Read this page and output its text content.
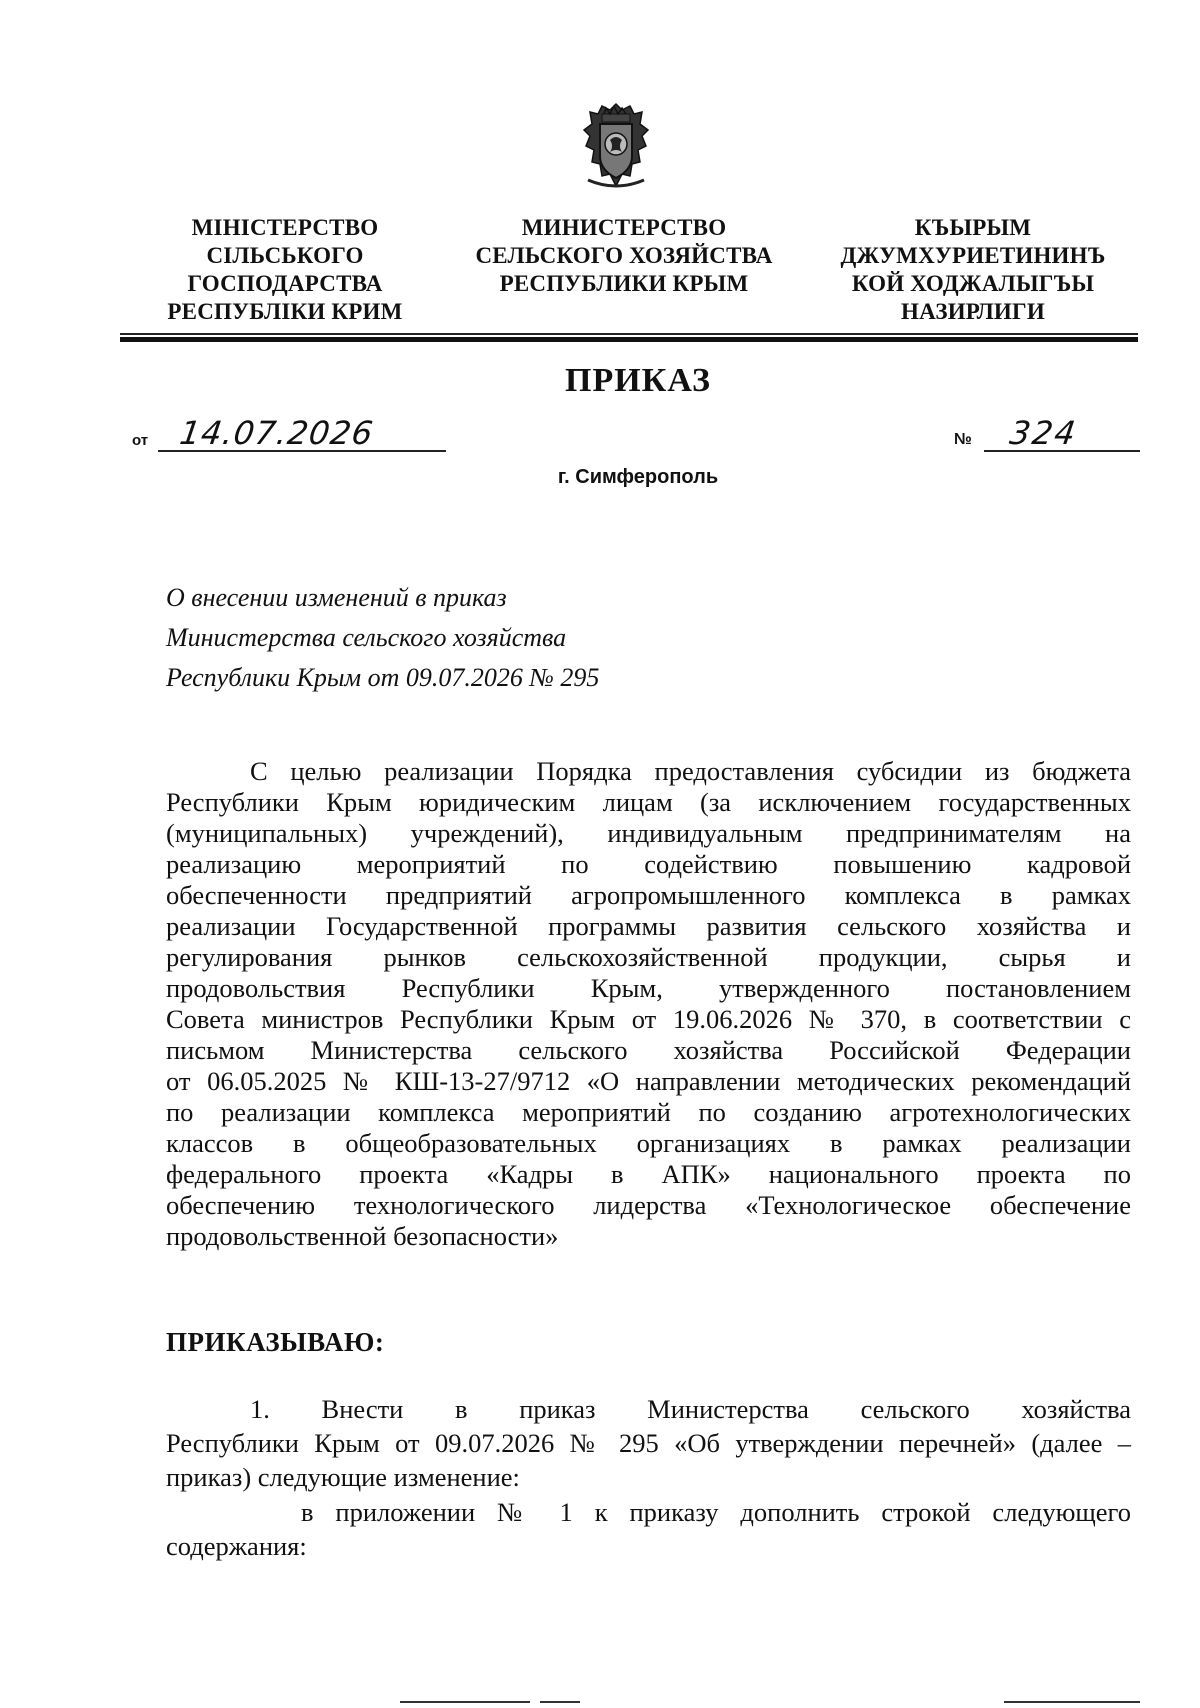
МІНІСТЕРСТВО
СІЛЬСЬКОГО
ГОСПОДАРСТВА
РЕСПУБЛІКИ КРИМ
МИНИСТЕРСТВО
СЕЛЬСКОГО ХОЗЯЙСТВА
РЕСПУБЛИКИ КРЫМ
КЪЫРЫМ
ДЖУМХУРИЕТИНИНЪ
КОЙ ХОДЖАЛЫГЪЫ
НАЗИРЛИГИ
ПРИКАЗ
от 14.07.2026	№ 324
г. Симферополь
О внесении изменений в приказ
Министерства сельского хозяйства
Республики Крым от 09.07.2026 № 295
С целью реализации Порядка предоставления субсидии из бюджета
Республики Крым юридическим лицам (за исключением государственных
(муниципальных) учреждений), индивидуальным предпринимателям на
реализацию мероприятий по содействию повышению кадровой
обеспеченности предприятий агропромышленного комплекса в рамках
реализации Государственной программы развития сельского хозяйства и
регулирования рынков сельскохозяйственной продукции, сырья и
продовольствия Республики Крым, утвержденного постановлением
Совета министров Республики Крым от 19.06.2026 № 370, в соответствии с
письмом Министерства сельского хозяйства Российской Федерации
от 06.05.2025 № КШ-13-27/9712 «О направлении методических рекомендаций
по реализации комплекса мероприятий по созданию агротехнологических
классов в общеобразовательных организациях в рамках реализации
федерального проекта «Кадры в АПК» национального проекта по
обеспечению технологического лидерства «Технологическое обеспечение
продовольственной безопасности»
ПРИКАЗЫВАЮ:
1. Внести в приказ Министерства сельского хозяйства
Республики Крым от 09.07.2026 № 295 «Об утверждении перечней» (далее –
приказ) следующие изменение:
в приложении № 1 к приказу дополнить строкой следующего
содержания:
